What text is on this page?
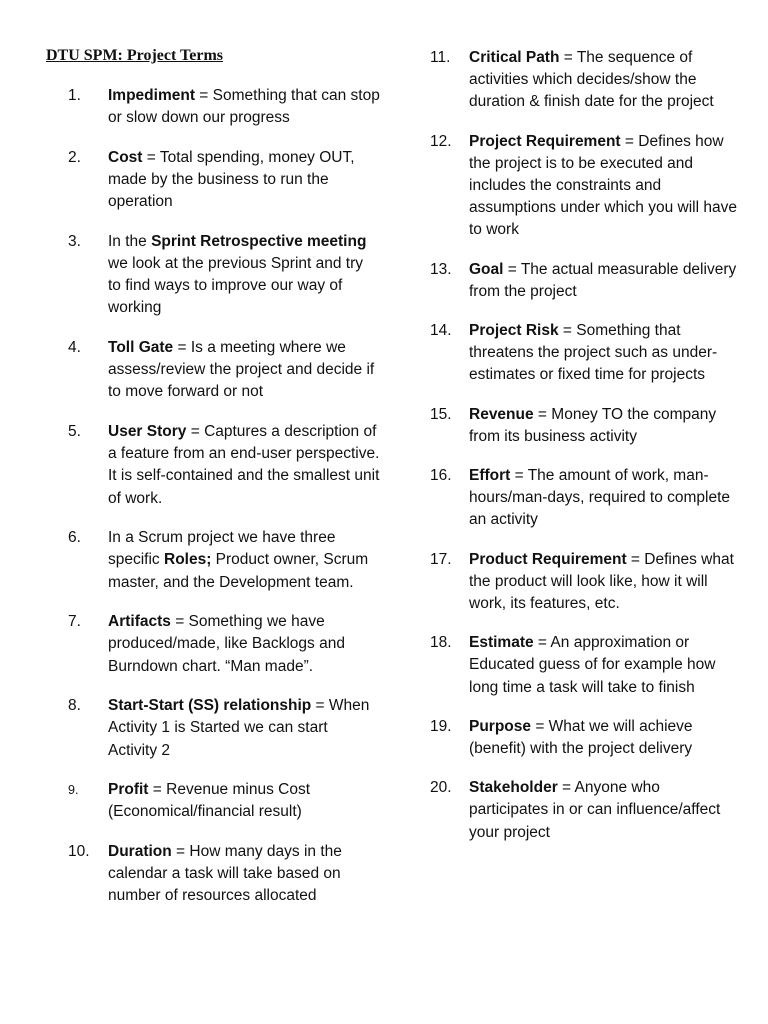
DTU SPM: Project Terms
1. Impediment = Something that can stop or slow down our progress
2. Cost = Total spending, money OUT, made by the business to run the operation
3. In the Sprint Retrospective meeting we look at the previous Sprint and try to find ways to improve our way of working
4. Toll Gate = Is a meeting where we assess/review the project and decide if to move forward or not
5. User Story = Captures a description of a feature from an end-user perspective. It is self-contained and the smallest unit of work.
6. In a Scrum project we have three specific Roles; Product owner, Scrum master, and the Development team.
7. Artifacts = Something we have produced/made, like Backlogs and Burndown chart. “Man made”.
8. Start-Start (SS) relationship = When Activity 1 is Started we can start Activity 2
9. Profit = Revenue minus Cost (Economical/financial result)
10. Duration = How many days in the calendar a task will take based on number of resources allocated
11. Critical Path = The sequence of activities which decides/show the duration & finish date for the project
12. Project Requirement = Defines how the project is to be executed and includes the constraints and assumptions under which you will have to work
13. Goal = The actual measurable delivery from the project
14. Project Risk = Something that threatens the project such as under-estimates or fixed time for projects
15. Revenue = Money TO the company from its business activity
16. Effort = The amount of work, man-hours/man-days, required to complete an activity
17. Product Requirement = Defines what the product will look like, how it will work, its features, etc.
18. Estimate = An approximation or Educated guess of for example how long time a task will take to finish
19. Purpose = What we will achieve (benefit) with the project delivery
20. Stakeholder = Anyone who participates in or can influence/affect your project
